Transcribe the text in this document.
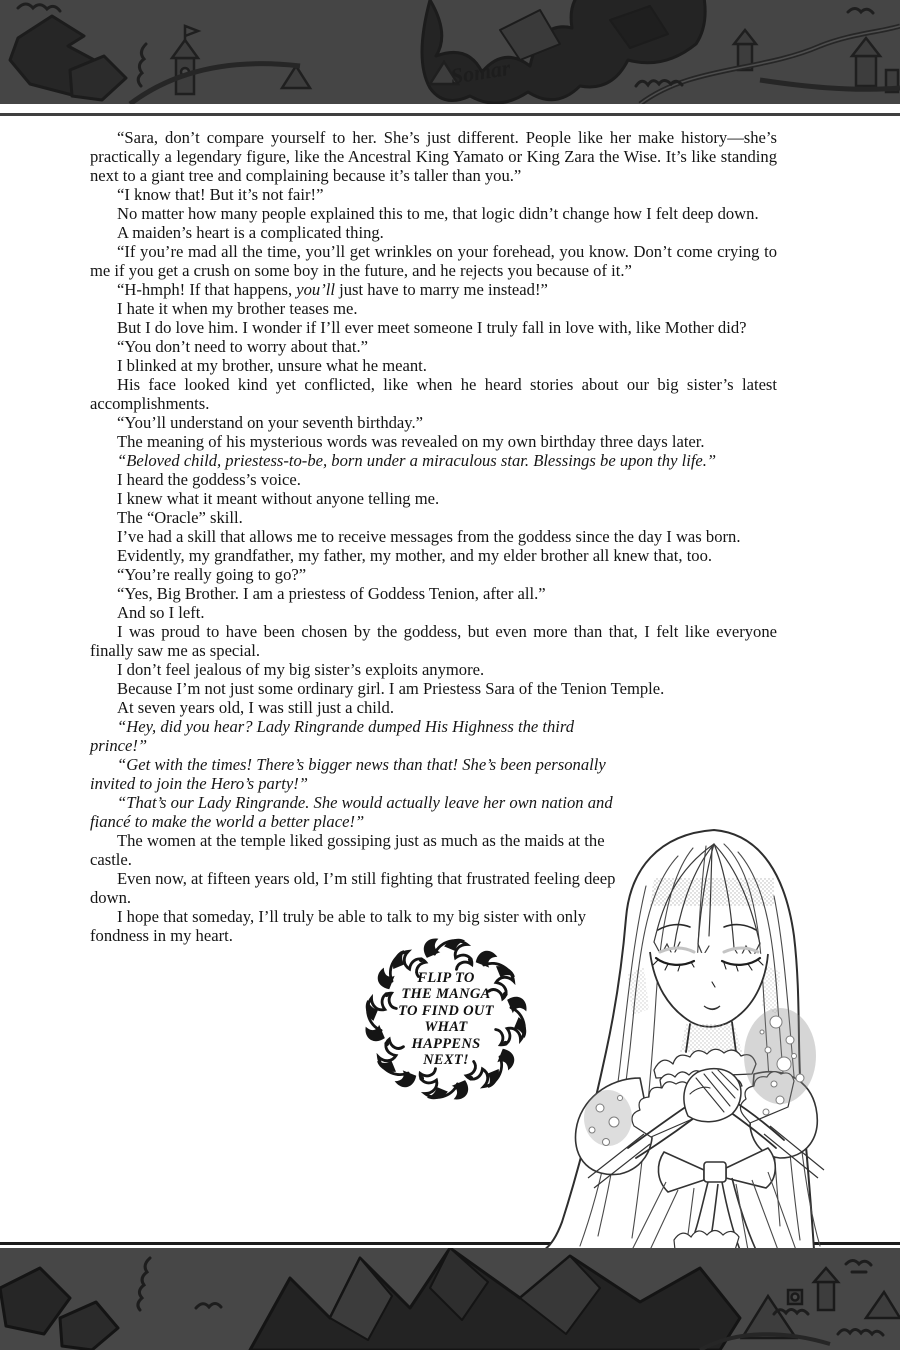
Somar

“Sara, don’t compare yourself to her. She’s just different. People like her make history—she’s practically a legendary figure, like the Ancestral King Yamato or King Zara the Wise. It’s like standing next to a giant tree and complaining because it’s taller than you.”

“I know that! But it’s not fair!”

No matter how many people explained this to me, that logic didn’t change how I felt deep down.

A maiden’s heart is a complicated thing.

“If you’re mad all the time, you’ll get wrinkles on your forehead, you know. Don’t come crying to me if you get a crush on some boy in the future, and he rejects you because of it.”

“H-hmph! If that happens, you’ll just have to marry me instead!”

I hate it when my brother teases me.

But I do love him. I wonder if I’ll ever meet someone I truly fall in love with, like Mother did?

“You don’t need to worry about that.”

I blinked at my brother, unsure what he meant.

His face looked kind yet conflicted, like when he heard stories about our big sister’s latest accomplishments.

“You’ll understand on your seventh birthday.”

The meaning of his mysterious words was revealed on my own birthday three days later.

“Beloved child, priestess-to-be, born under a miraculous star. Blessings be upon thy life.”

I heard the goddess’s voice.

I knew what it meant without anyone telling me.

The “Oracle” skill.

I’ve had a skill that allows me to receive messages from the goddess since the day I was born.

Evidently, my grandfather, my father, my mother, and my elder brother all knew that, too.

“You’re really going to go?”

“Yes, Big Brother. I am a priestess of Goddess Tenion, after all.”

And so I left.

I was proud to have been chosen by the goddess, but even more than that, I felt like everyone finally saw me as special.

I don’t feel jealous of my big sister’s exploits anymore.

Because I’m not just some ordinary girl. I am Priestess Sara of the Tenion Temple.

At seven years old, I was still just a child.

“Hey, did you hear? Lady Ringrande dumped His Highness the third prince!”

“Get with the times! There’s bigger news than that! She’s been personally invited to join the Hero’s party!”

“That’s our Lady Ringrande. She would actually leave her own nation and fiancé to make the world a better place!”

The women at the temple liked gossiping just as much as the maids at the castle.

Even now, at fifteen years old, I’m still fighting that frustrated feeling deep down.

I hope that someday, I’ll truly be able to talk to my big sister with only fondness in my heart.

FLIP TO
THE MANGA
TO FIND OUT
WHAT
HAPPENS
NEXT!
